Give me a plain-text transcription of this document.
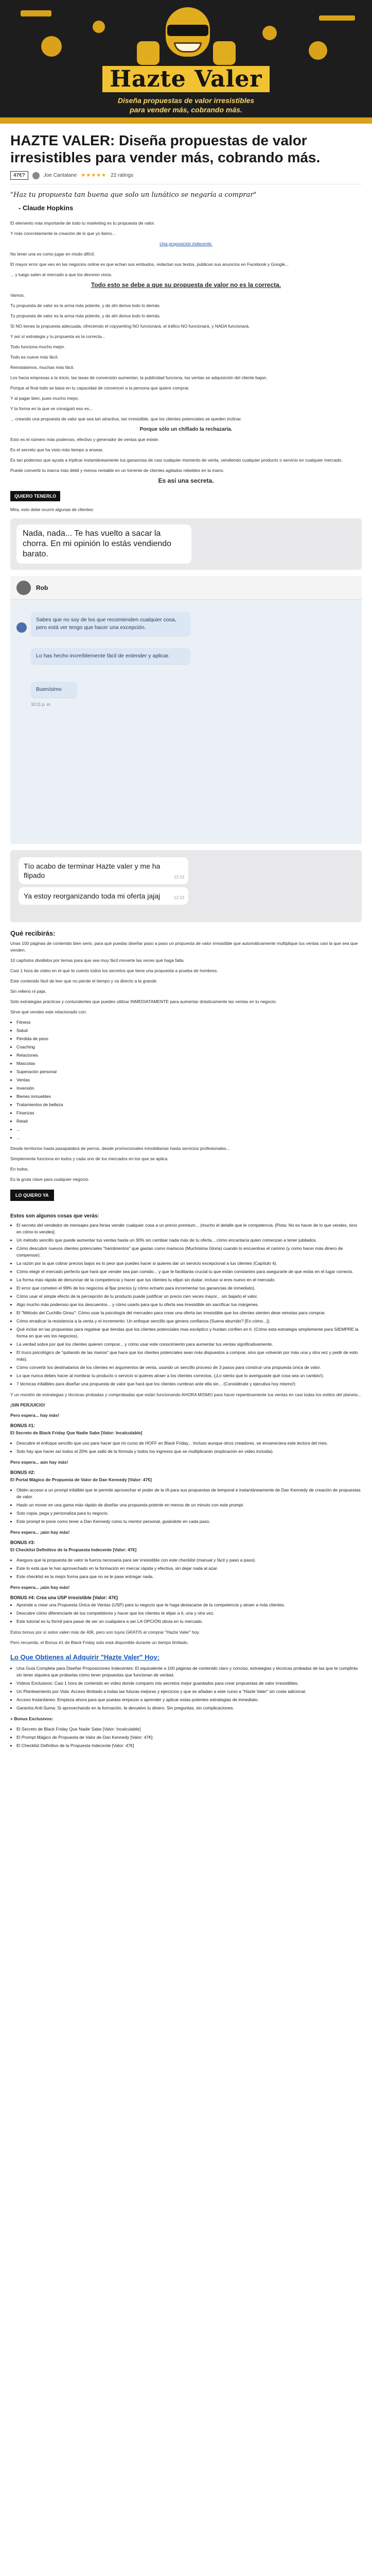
Hazte Valer
Diseña propuestas de valor irresistibles
para vender más, cobrando más.
HAZTE VALER: Diseña propuestas de valor irresistibles para vender más, cobrando más.
47€?	Joe Cantalane ★★★★★ 22 ratings
"Haz tu propuesta tan buena que solo un lunático se negaría a comprar"
- Claude Hopkins

El elemento más importante de todo tu marketing es tu propuesta de valor.

Y más concretamente la creación de lo que yo llamo...

Una proposición indecente.

No tener una es como jugar en modo difícil.

El mayor error que veo en las negocios online es que echan sus embudos, redactan sus textos, publican sus anuncios en Facebook y Google...

... y luego salen al mercado a que los devoren vivos.

Todo esto se debe a que su propuesta de valor no es la correcta.

Vamos.

Tu propuesta de valor es la arma más potente, y de ahí deriva todo lo demás.

Tu propuesta de valor es la arma más potente, y de ahí deriva todo lo demás.

Sí NO tienes la propuesta adecuada, ofreciendo el copywriting NO funcionará, el tráfico NO funcionará, y NADA funcionará.

Y así sí estrategia y tu propuesta es la correcta...

Todo funciona mucho mejor.

Todo es nueve más fácil.

Reinstalamos, muchas más fácil.

Los hacia empresas a la inicio, las tasas de conversión aumentan, la publicidad funciona, las ventas se adquisición del cliente bajan.

Porque al final todo se basa en tu capacidad de convencer a la persona que quiere comprar.

Y al pagar bien, pues mucho mejor.

Y la forma en la que se consiguió eso es...

... creando una propuesta de valor que sea tan atractiva, tan irresistible, que los clientes potenciales se queden inclinar.

Porque sólo un chiflado la rechazaría.

Esto es el número más poderoso, efectivo y generador de ventas que existe.

Es el secreto que ha visto más tiempo a ensear.

Es tan poderoso que ayuda a triplicar instantáneamente tus ganancias de casi cualquier momento de venta, vendiendo cualquier producto o servicio en cualquier mercado.

Puede convertir tu marca más débil y menos rentable en un torrente de clientes agitados rebeldes en la mano.

Es así una secreta.

QUIERO TENERLO

Mira, esto debe ocurrir algunas de clientes:

Nada, nada... Te has vuelto a sacar la chorra. En mi opinión lo estás vendiendo barato.
Rob
Sabes que no soy de los que recomienden cualquier cosa, pero está ver tengo que hacer una excepción.
Lo has hecho increíblemente fácil de entender y aplicar.
Buenísimo
10:11 p. m.
Tío acabo de terminar Hazte valer y me ha flipado	12:13
Ya estoy reorganizando toda mi oferta jajaj	12:13
Qué recibirás:

Unas 100 páginas de contenido bien serio, para qué puedas diseñar paso a paso un propuesta de valor irresistible que automáticamente multiplique tus ventas casi la que sea que venden.

10 capítulos divididos por temas para que sea muy fácil moverte las veces qué haga falta.

Casi 1 hora de vídeo en el que te cuento todos los secretos que tiene una propuesta a prueba de hombres.

Este contenido fácil de leer que no pierde el tiempo y va directo a la grande.

Sin relleno ni paja.

Sólo estrategias prácticas y contundentes que puedes utilizar INMEDIATAMENTE para aumentar drásticamente las ventas en tu negocio.

Sirve qué vendes este relacionado con:

• Fitness
• Salud
• Pérdida de peso
• Coaching
• Relaciones
• Mascotas
• Superación personal
• Ventas
• Inversión
• Bienes inmuebles
• Tratamientos de belleza
• Finanzas
• Retail
• ...
• ...

Desde territorios hasta pasapalabra de perros, desde promocionales inmobiliarias hasta servicios profesionales...

Simplemente funciona en todos y cada uno de los mercados en los que se aplica.

En todos.

Es la gruta clave para cualquier negocio.

LO QUIERO YA
Estos son algunos cosas que verás:
• El secreto del vendedor de mensajes para ferias vender cualquier cosa a un precio premium... (mucho el detalle que le competencia. [Pista: No es hacer de lo que vendes, sino en cómo lo vendes].
• Un método sencillo que puede aumentar tus ventas hasta un 30% sin cambiar nada más de tu oferta... cómo encantaría quien comenzan a tener jubilados.
• Cómo descubrir nuevos clientes potenciales "hambrientos" que gastan como mariscos (Muchísima Gloria) cuando lo encuentras el camino (y como hacer más dinero de compensar).
• La razón por la que cobrar precios bajos es lo peor que puedes hacer si quieres dar un servicio excepcional a tus clientes (Capítulo 4).
• Cómo elegir el mercado perfecto que hará que vender sea pan comido... y que te facilitarás crucial tu que están constantes para asegurarte de que estás en el lugar correcto.
• La forma más rápida de denunciar de la competencia y hacer que tus clientes tu elijan sin dudar, incluso si eres nuevo en el mercado.
• El error que cometen el 99% de los negocios al fijar precios (y cómo echarlo para incrementar tus ganancias de inmediato).
• Cómo usar el simple efecto de la percepción de tu producto puede justificar un precio cien veces mayor... sin bajarlo el valor.
• Algo mucho más poderoso que los descuentos... y cómo usarlo para que tu oferta sea irresistible sin sacrificar tus márgenes.
• El "Método del Cuchillo Ginsu": Cómo usar la psicología del mercadeo para crear una oferta tan irresistible que los clientes sienten dese remotas para comprar.
• Cómo erradicar la resistencia a la venta y el incremento: Un enfoque sencillo que genera confianza (Suena aburrido? [Es cómo...]).
• Qué incluir en las propuestas para regatear que tiendas que los clientes potenciales mas escéptico y hurdan confíen en ti. (Cómo esta estrategia simplemente para SIEMPRE la forma en que ves los negocios).
• La verdad sobre por qué los clientes quieren comprar... y cómo usar este conocimiento para aumentar tus ventas significativamente.
• El truco psicológico de "quitando de las manos" que hace que los clientes potenciales sean más dispuestos a comprar, sino que volverán por más una y otra vez y pedir de esto más).
• Cómo convertir los destinatarios de los clientes en argumentos de venta, usando un sencillo proceso de 3 pasos para construir una propuesta única de valor.
• Lo que nunca debes hacer al nombrar tu producto o servicio si quieres atraer a los clientes correctos. (¡Lo siento que lo averiguaste qué cosa sea un cambio!).
• 7 técnicas infalibles para diseñar una propuesta de valor que hará que los clientes cumbran ante ella sin... (Considérate y ejecutiva hoy mismo!)

Y un montón de estrategias y técnicas probadas y comprobadas que están funcionando AHORA MISMO para hacer repentinamente tus ventas en casi todas los estilos del planeta...

¡SIN PERJUICIO!

Pero espera... hay más!

BONUS #1:

El Secreto de Black Friday Que Nadie Sabe [Valor: Incalculable]

• Descubre el enfoque sencillo que uso para hacer que mi curso de HOFF en Black Friday... Incluso aunque otros creadores, se envaneciera este lectora del mes.
• Solo hay que hacer así todos el 20% que salió de la fórmula y todos los ingresos que se multiplicarán (explicación en video incluida).

Pero espera... aún hay más!

BONUS #2:

El Portal Mágico de Propuesta de Valor de Dan Kennedy [Valor: 47€]

• Obtén acceso a un prompt infalible que te permite aprovechar el poder de la IA para sus propuestas de temporal e instantáneamente de Dan Kennedy de creación de propuestas de valor.
• Haslo un mover en una gama más rápido de diseñar una propuesta potente en menos de un minuto con este prompt.
• Solo copia, pega y personaliza para tu negocio.
• Este prompt te pone como tener a Dan Kennedy como tu mentor personal, guiándote en cada paso.

Pero espera... ¡aún hay más!

BONUS #3:

El Checklist Definitivo de la Propuesta Indecente [Valor: 47€]

• Asegura que la propuesta de valor la fuerza necesaria para ser irresistible con este checklist (manual y fácil y paso a paso).
• Este lo está que te han aprovechado en la formación en mercar rápida y efectiva, sin dejar nada al azar.
• Este checklist es la mejor forma para que no se le pase entregar nada.

Pero espera... ¡aún hay más!

BONUS #4: Crea una USP irresistible [Valor: 47€]
• Aprende a crear una Propuesta Única de Ventas (USP) para tu negocio que te haga destacarse de la competencia y atraer a más clientes.
• Descubre cómo diferenciarte de tus competidores y hacer que los clientes te elijan a ti, una y otra vez.
• Este tutorial es tu fórmil para pasar de ser un cualquiera a ser LA OPCIÓN obvia en tu mercado.

Estos bonus por sí solos valen más de 40€, pero son tuyos GRATIS al comprar "Hazte Valer" hoy.

Pero recuerda, el Bonus #1 de Black Friday solo está disponible durante un tiempo limitado.

Lo Que Obtienes al Adquirir "Hazte Valer" Hoy:
• Una Guía Completa para Diseñar Proposiciones Indecentes: El equivalente a 100 páginas de contenido claro y conciso, estrategias y técnicas probadas de las que te cumplirás sin tener siquiera que probarlas cómo tener propuestas que funcionan de verdad.
• Vídeos Exclusivos: Casi 1 hora de contenido en vídeo donde comparto mis secretos mejor guardados para crear propuestas de valor irresistibles.
• Un Planteamiento por Vida: Acceso ilimitado a todas las futuras mejoras y ejercicios y que se añadan a este curso a "Hazte Valer" sin coste adicional.
• Acceso Instantáneo: Empieza ahora para que puedas empezar a aprender y aplicar estas potentes estrategias de inmediato.
• Garantía Anti-Suma: Si aprovechando en la formación, te devuelvo tu dinero. Sin preguntas, sin complicaciones.

+ Bonus Exclusivos:

• El Secreto de Black Friday Que Nadie Sabe [Valor: Incalculable]
• El Prompt Mágico de Propuesta de Valor de Dan Kennedy [Valor: 47€]
• El Checklist Definitivo de la Propuesta Indecente [Valor: 47€]
